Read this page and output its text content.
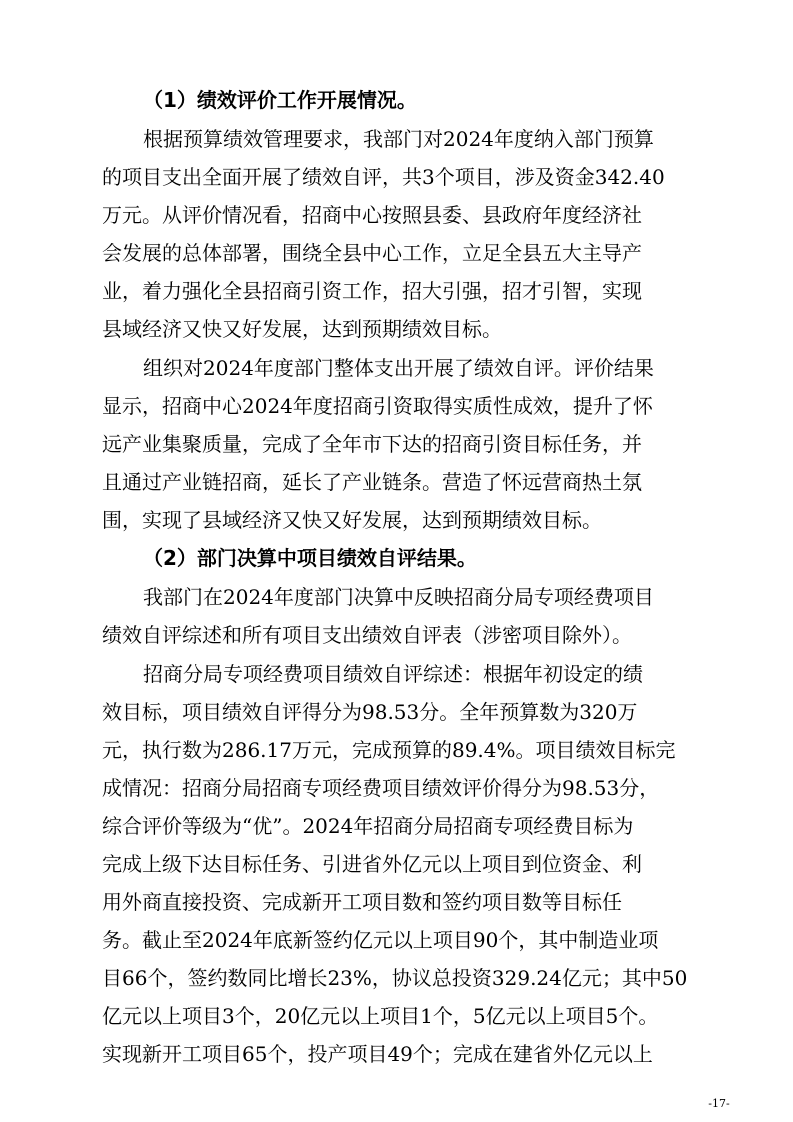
（1）绩效评价工作开展情况。
根据预算绩效管理要求，我部门对2024年度纳入部门预算
的项目支出全面开展了绩效自评，共3个项目，涉及资金342.40
万元。从评价情况看，招商中心按照县委、县政府年度经济社
会发展的总体部署，围绕全县中心工作，立足全县五大主导产
业，着力强化全县招商引资工作，招大引强，招才引智，实现
县域经济又快又好发展，达到预期绩效目标。
组织对2024年度部门整体支出开展了绩效自评。评价结果
显示，招商中心2024年度招商引资取得实质性成效，提升了怀
远产业集聚质量，完成了全年市下达的招商引资目标任务，并
且通过产业链招商，延长了产业链条。营造了怀远营商热土氛
围，实现了县域经济又快又好发展，达到预期绩效目标。
（2）部门决算中项目绩效自评结果。
我部门在2024年度部门决算中反映招商分局专项经费项目
绩效自评综述和所有项目支出绩效自评表（涉密项目除外）。
招商分局专项经费项目绩效自评综述：根据年初设定的绩
效目标，项目绩效自评得分为98.53分。全年预算数为320万
元，执行数为286.17万元，完成预算的89.4%。项目绩效目标完
成情况：招商分局招商专项经费项目绩效评价得分为98.53分，
综合评价等级为“优”。2024年招商分局招商专项经费目标为
完成上级下达目标任务、引进省外亿元以上项目到位资金、利
用外商直接投资、完成新开工项目数和签约项目数等目标任
务。截止至2024年底新签约亿元以上项目90个，其中制造业项
目66个，签约数同比增长23%，协议总投资329.24亿元；其中50
亿元以上项目3个，20亿元以上项目1个，5亿元以上项目5个。
实现新开工项目65个，投产项目49个；完成在建省外亿元以上
-17-
